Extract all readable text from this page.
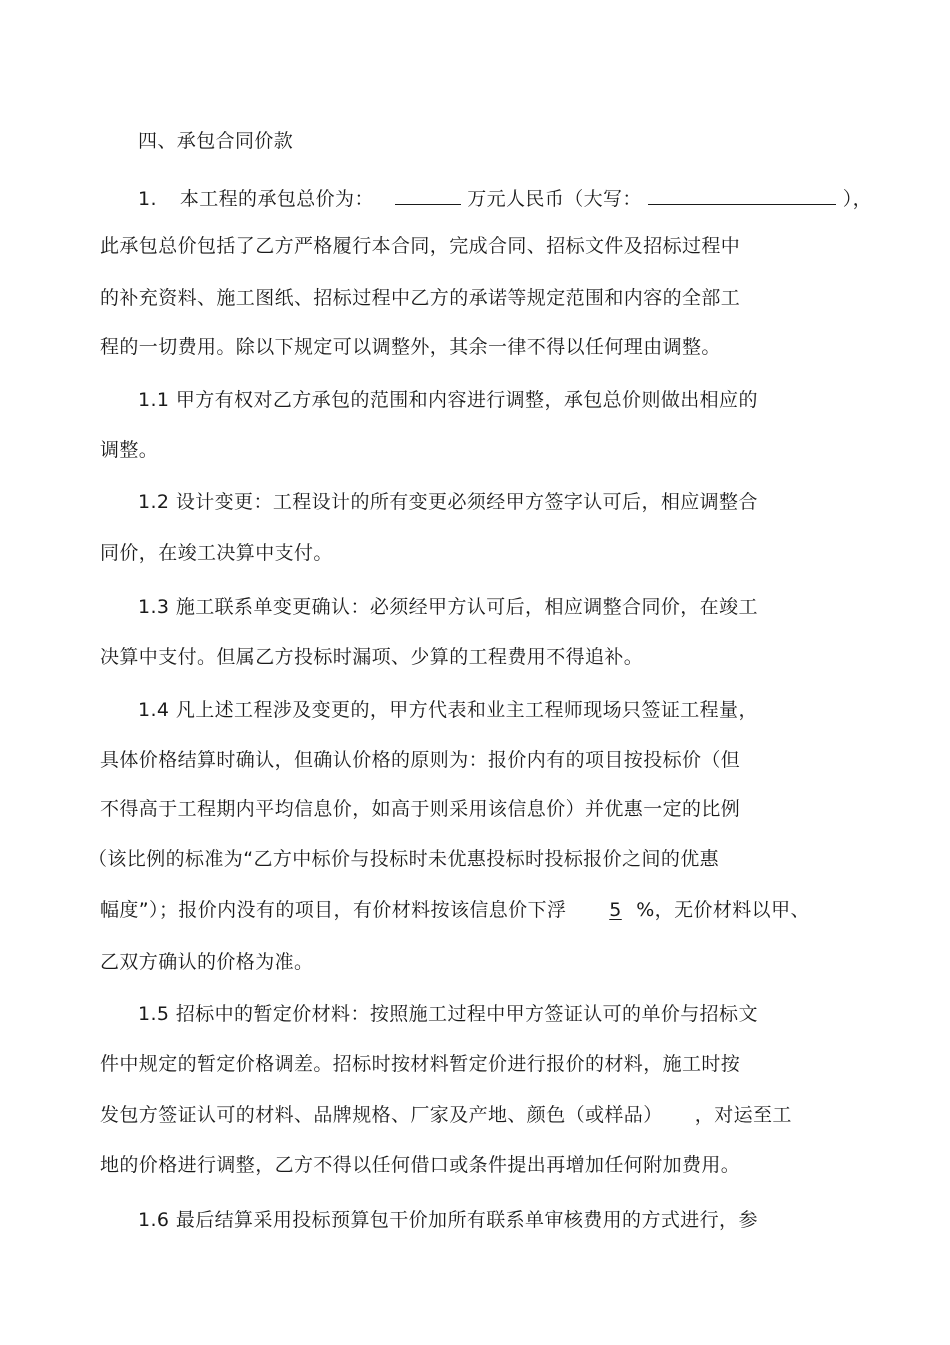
四、承包合同价款
1. 本工程的承包总价为：	万元人民币（大写：	），
此承包总价包括了乙方严格履行本合同，完成合同、招标文件及招标过程中
的补充资料、施工图纸、招标过程中乙方的承诺等规定范围和内容的全部工
程的一切费用。除以下规定可以调整外，其余一律不得以任何理由调整。
1.1 甲方有权对乙方承包的范围和内容进行调整，承包总价则做出相应的
调整。
1.2 设计变更：工程设计的所有变更必须经甲方签字认可后，相应调整合
同价，在竣工决算中支付。
1.3 施工联系单变更确认：必须经甲方认可后，相应调整合同价，在竣工
决算中支付。但属乙方投标时漏项、少算的工程费用不得追补。
1.4 凡上述工程涉及变更的，甲方代表和业主工程师现场只签证工程量，
具体价格结算时确认，但确认价格的原则为：报价内有的项目按投标价（但
不得高于工程期内平均信息价，如高于则采用该信息价）并优惠一定的比例
（该比例的标准为“乙方中标价与投标时未优惠投标时投标报价之间的优惠
幅度”）；报价内没有的项目，有价材料按该信息价下浮 5 %，无价材料以甲、
乙双方确认的价格为准。
1.5 招标中的暂定价材料：按照施工过程中甲方签证认可的单价与招标文
件中规定的暂定价格调差。招标时按材料暂定价进行报价的材料，施工时按
发包方签证认可的材料、品牌规格、厂家及产地、颜色（或样品）     ，对运至工
地的价格进行调整，乙方不得以任何借口或条件提出再增加任何附加费用。
1.6 最后结算采用投标预算包干价加所有联系单审核费用的方式进行，参
